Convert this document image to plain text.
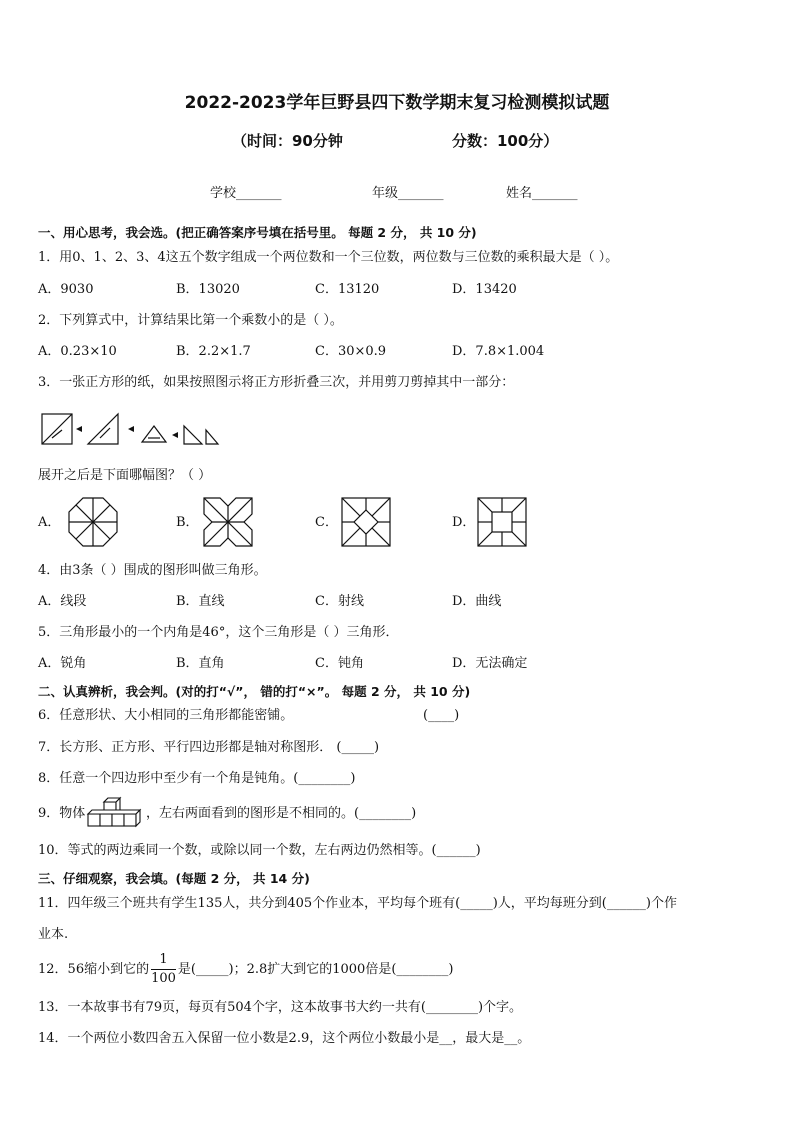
2022-2023学年巨野县四下数学期末复习检测模拟试题
（时间：90分钟	分数：100分）
学校_______	年级_______	姓名_______
一、用心思考，我会选。(把正确答案序号填在括号里。 每题 2 分， 共 10 分)
1．用0、1、2、3、4这五个数字组成一个两位数和一个三位数，两位数与三位数的乘积最大是（ ）。
A．9030	B．13020	C．13120	D．13420
2．下列算式中，计算结果比第一个乘数小的是（ ）。
A．0.23×10	B．2.2×1.7	C．30×0.9	D．7.8×1.004
3．一张正方形的纸，如果按照图示将正方形折叠三次，并用剪刀剪掉其中一部分：
展开之后是下面哪幅图？（ ）
A．	B．	C．	D．
4．由3条（ ）围成的图形叫做三角形。
A．线段	B．直线	C．射线	D．曲线
5．三角形最小的一个内角是46°，这个三角形是（ ）三角形．
A．锐角	B．直角	C．钝角	D．无法确定
二、认真辨析，我会判。(对的打“√”， 错的打“×”。 每题 2 分， 共 10 分)
6．任意形状、大小相同的三角形都能密铺。	(____)
7．长方形、正方形、平行四边形都是轴对称图形． (_____)
8．任意一个四边形中至少有一个角是钝角。(________)
9．物体	，左右两面看到的图形是不相同的。(________)
10．等式的两边乘同一个数，或除以同一个数，左右两边仍然相等。(______)
三、仔细观察，我会填。(每题 2 分， 共 14 分)
11．四年级三个班共有学生135人，共分到405个作业本，平均每个班有(_____)人，平均每班分到(______)个作
业本.
12．56缩小到它的 $\frac{1}{100}$ 是(_____)；2.8扩大到它的1000倍是(________)
13．一本故事书有79页，每页有504个字，这本故事书大约一共有(________)个字。
14．一个两位小数四舍五入保留一位小数是2.9，这个两位小数最小是__，最大是__。
